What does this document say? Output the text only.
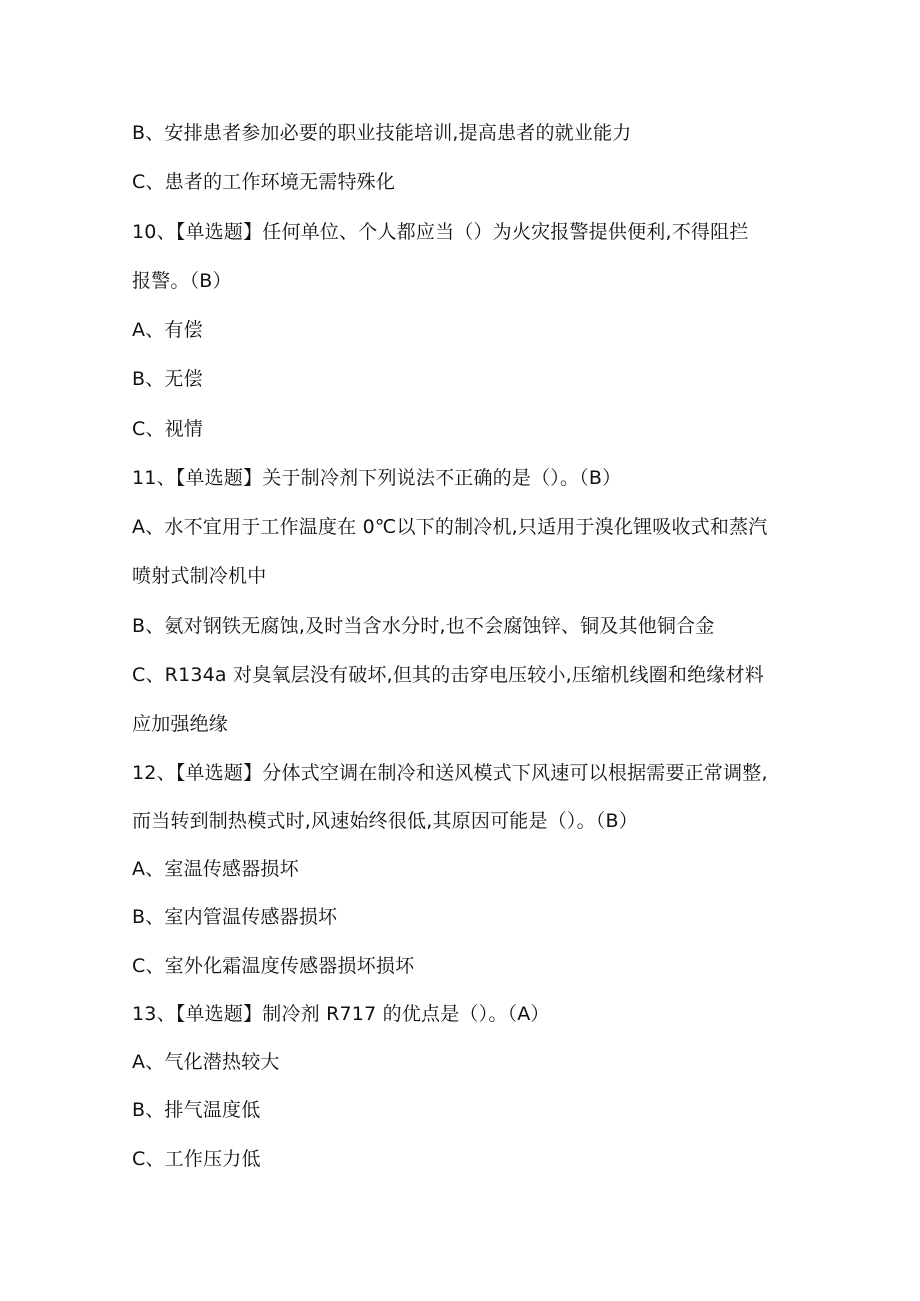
B、安排患者参加必要的职业技能培训,提高患者的就业能力
C、患者的工作环境无需特殊化
10、【单选题】任何单位、个人都应当（）为火灾报警提供便利,不得阻拦
报警。（B）
A、有偿
B、无偿
C、视情
11、【单选题】关于制冷剂下列说法不正确的是（）。（B）
A、水不宜用于工作温度在 0℃以下的制冷机,只适用于溴化锂吸收式和蒸汽
喷射式制冷机中
B、氨对钢铁无腐蚀,及时当含水分时,也不会腐蚀锌、铜及其他铜合金
C、R134a 对臭氧层没有破坏,但其的击穿电压较小,压缩机线圈和绝缘材料
应加强绝缘
12、【单选题】分体式空调在制冷和送风模式下风速可以根据需要正常调整,
而当转到制热模式时,风速始终很低,其原因可能是（）。（B）
A、室温传感器损坏
B、室内管温传感器损坏
C、室外化霜温度传感器损坏损坏
13、【单选题】制冷剂 R717 的优点是（）。（A）
A、气化潜热较大
B、排气温度低
C、工作压力低
